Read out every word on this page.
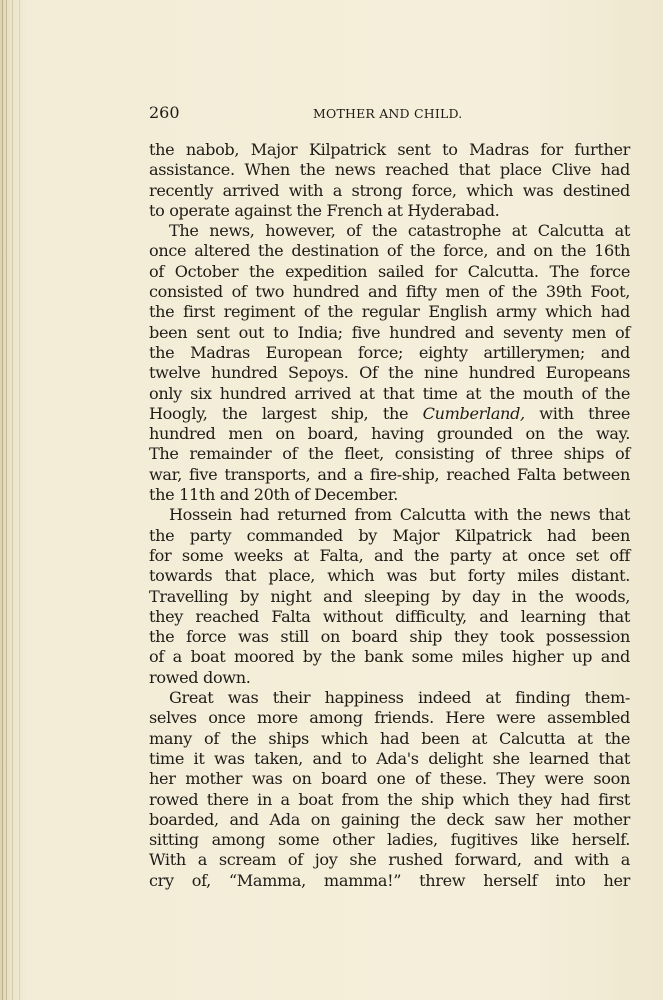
260	MOTHER AND CHILD.
the nabob, Major Kilpatrick sent to Madras for further
assistance. When the news reached that place Clive had
recently arrived with a strong force, which was destined
to operate against the French at Hyderabad.
The news, however, of the catastrophe at Calcutta at
once altered the destination of the force, and on the 16th
of October the expedition sailed for Calcutta. The force
consisted of two hundred and fifty men of the 39th Foot,
the first regiment of the regular English army which had
been sent out to India; five hundred and seventy men of
the Madras European force; eighty artillerymen; and
twelve hundred Sepoys. Of the nine hundred Europeans
only six hundred arrived at that time at the mouth of the
Hoogly, the largest ship, the Cumberland, with three
hundred men on board, having grounded on the way.
The remainder of the fleet, consisting of three ships of
war, five transports, and a fire-ship, reached Falta between
the 11th and 20th of December.
Hossein had returned from Calcutta with the news that
the party commanded by Major Kilpatrick had been
for some weeks at Falta, and the party at once set off
towards that place, which was but forty miles distant.
Travelling by night and sleeping by day in the woods,
they reached Falta without difficulty, and learning that
the force was still on board ship they took possession
of a boat moored by the bank some miles higher up and
rowed down.
Great was their happiness indeed at finding them-
selves once more among friends. Here were assembled
many of the ships which had been at Calcutta at the
time it was taken, and to Ada's delight she learned that
her mother was on board one of these. They were soon
rowed there in a boat from the ship which they had first
boarded, and Ada on gaining the deck saw her mother
sitting among some other ladies, fugitives like herself.
With a scream of joy she rushed forward, and with a
cry of, “Mamma, mamma!” threw herself into her
